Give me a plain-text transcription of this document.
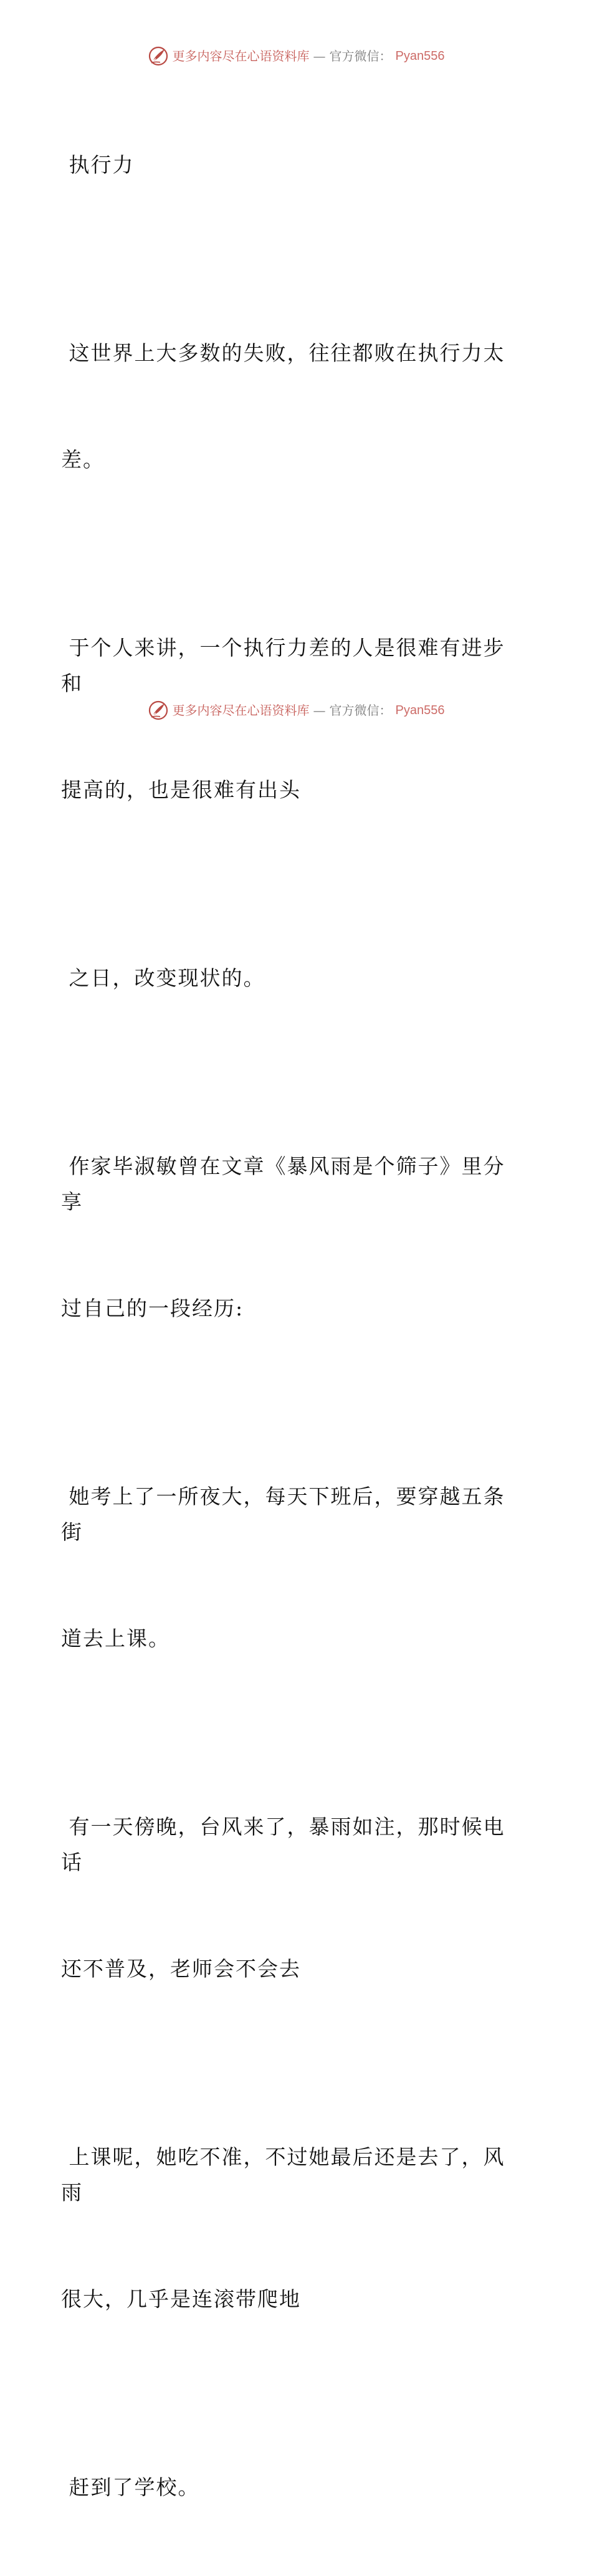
更多内容尽在心语资料库 — 官方微信： Pyan556

执行力

这世界上大多数的失败，往往都败在执行力太

差。

于个人来讲，一个执行力差的人是很难有进步和

提高的，也是很难有出头

之日，改变现状的。

作家毕淑敏曾在文章《暴风雨是个筛子》里分享

过自己的一段经历:

她考上了一所夜大，每天下班后，要穿越五条街

道去上课。

有一天傍晚，台风来了，暴雨如注，那时候电话

还不普及，老师会不会去

上课呢，她吃不准，不过她最后还是去了，风雨

很大，几乎是连滚带爬地

赶到了学校。

更多内容尽在心语资料库 — 官方微信： Pyan556
